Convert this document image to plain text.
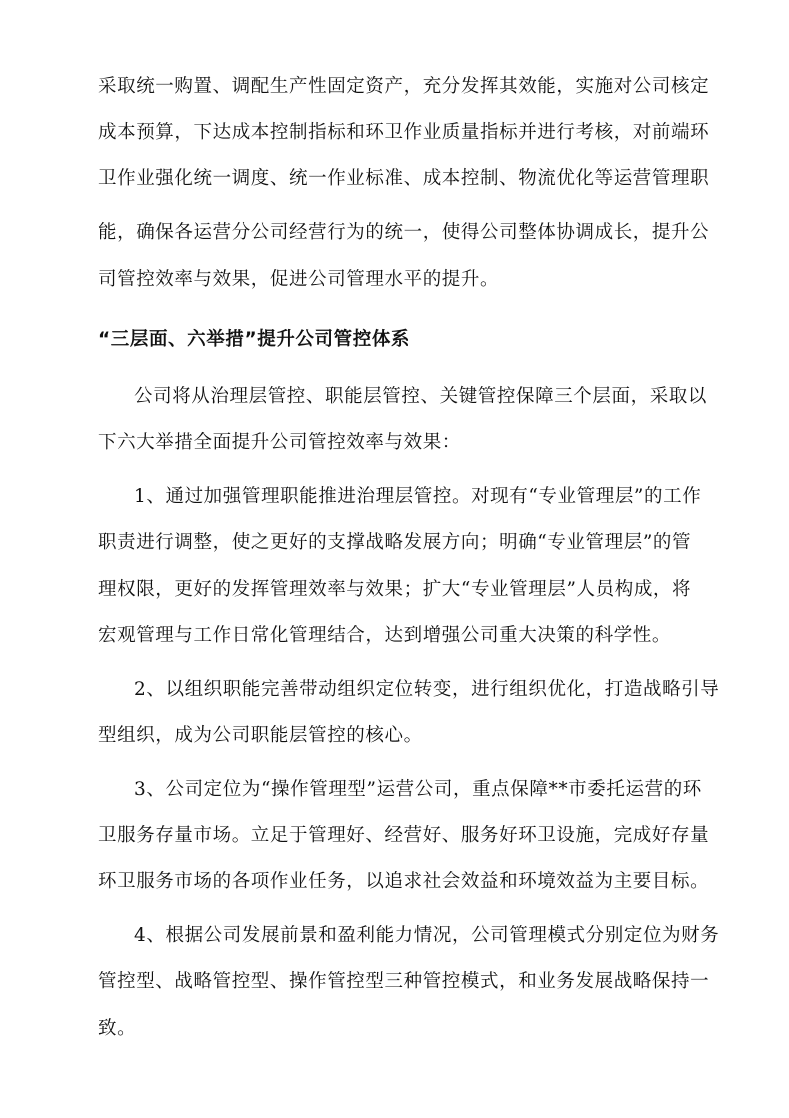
采取统一购置、调配生产性固定资产，充分发挥其效能，实施对公司核定
成本预算，下达成本控制指标和环卫作业质量指标并进行考核，对前端环
卫作业强化统一调度、统一作业标准、成本控制、物流优化等运营管理职
能，确保各运营分公司经营行为的统一，使得公司整体协调成长，提升公
司管控效率与效果，促进公司管理水平的提升。
“三层面、六举措”提升公司管控体系
公司将从治理层管控、职能层管控、关键管控保障三个层面，采取以
下六大举措全面提升公司管控效率与效果：
1、通过加强管理职能推进治理层管控。对现有“专业管理层”的工作
职责进行调整，使之更好的支撑战略发展方向；明确“专业管理层”的管
理权限，更好的发挥管理效率与效果；扩大“专业管理层”人员构成，将
宏观管理与工作日常化管理结合，达到增强公司重大决策的科学性。
2、以组织职能完善带动组织定位转变，进行组织优化，打造战略引导
型组织，成为公司职能层管控的核心。
3、公司定位为“操作管理型”运营公司，重点保障**市委托运营的环
卫服务存量市场。立足于管理好、经营好、服务好环卫设施，完成好存量
环卫服务市场的各项作业任务，以追求社会效益和环境效益为主要目标。
4、根据公司发展前景和盈利能力情况，公司管理模式分别定位为财务
管控型、战略管控型、操作管控型三种管控模式，和业务发展战略保持一
致。
